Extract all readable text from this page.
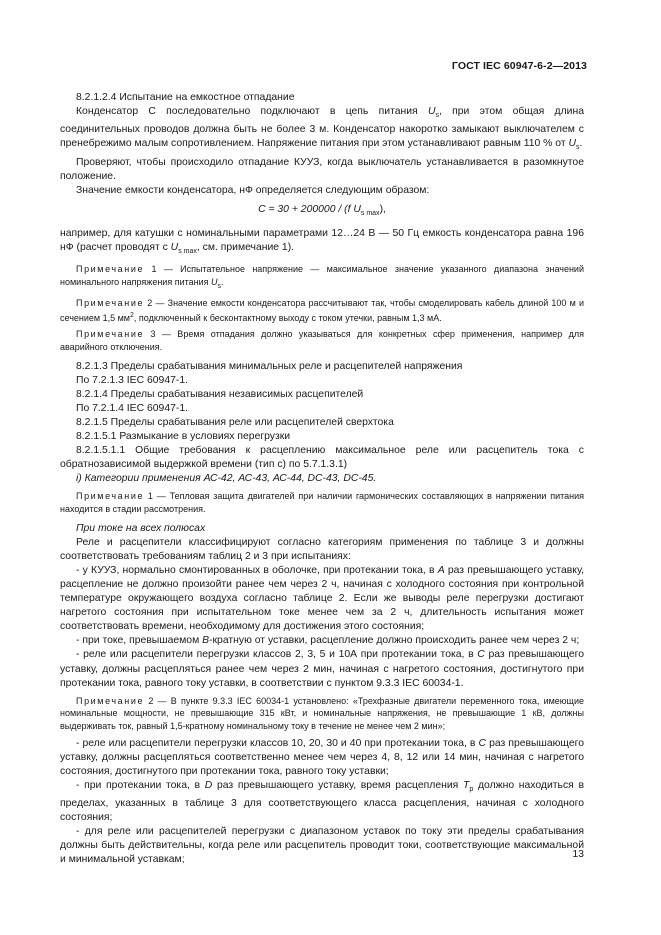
ГОСТ IEC 60947-6-2—2013

8.2.1.2.4 Испытание на емкостное отпадание

Конденсатор С последовательно подключают в цепь питания $U_s$, при этом общая длина соединительных проводов должна быть не более 3 м. Конденсатор накоротко замыкают выключателем с пренебрежимо малым сопротивлением. Напряжение питания при этом устанавливают равным 110 % от $U_s$.

Проверяют, чтобы происходило отпадание КУУЗ, когда выключатель устанавливается в разомкнутое положение.

Значение емкости конденсатора, нФ определяется следующим образом:

C = 30 + 200000 / (f $U_{s max}$),

например, для катушки с номинальными параметрами 12…24 В — 50 Гц емкость конденсатора равна 196 нФ (расчет проводят с $U_{s max}$, см. примечание 1).

Примечание 1 — Испытательное напряжение — максимальное значение указанного диапазона значений номинального напряжения питания $U_s$.

Примечание 2 — Значение емкости конденсатора рассчитывают так, чтобы смоделировать кабель длиной 100 м и сечением 1,5 $мм^2$, подключенный к бесконтактному выходу с током утечки, равным 1,3 мА.

Примечание 3 — Время отпадания должно указываться для конкретных сфер применения, например для аварийного отключения.

8.2.1.3 Пределы срабатывания минимальных реле и расцепителей напряжения

По 7.2.1.3 IEC 60947-1.

8.2.1.4 Пределы срабатывания независимых расцепителей

По 7.2.1.4 IEC 60947-1.

8.2.1.5 Пределы срабатывания реле или расцепителей сверхтока

8.2.1.5.1 Размыкание в условиях перегрузки

8.2.1.5.1.1 Общие требования к расцеплению максимальное реле или расцепитель тока с обратнозависимой выдержкой времени (тип с) по 5.7.1.3.1)

i) Категории применения АС-42, АС-43, АС-44, DC-43, DC-45.

Примечание 1 — Тепловая защита двигателей при наличии гармонических составляющих в напряжении питания находится в стадии рассмотрения.

При токе на всех полюсах

Реле и расцепители классифицируют согласно категориям применения по таблице 3 и должны соответствовать требованиям таблиц 2 и 3 при испытаниях:

- у КУУЗ, нормально смонтированных в оболочке, при протекании тока, в А раз превышающего уставку, расцепление не должно произойти ранее чем через 2 ч, начиная с холодного состояния при контрольной температуре окружающего воздуха согласно таблице 2. Если же выводы реле перегрузки достигают нагретого состояния при испытательном токе менее чем за 2 ч, длительность испытания может соответствовать времени, необходимому для достижения этого состояния;

- при токе, превышаемом В-кратную от уставки, расцепление должно происходить ранее чем через 2 ч;

- реле или расцепители перегрузки классов 2, 3, 5 и 10А при протекании тока, в С раз превышающего уставку, должны расцепляться ранее чем через 2 мин, начиная с нагретого состояния, достигнутого при протекании тока, равного току уставки, в соответствии с пунктом 9.3.3 IEC 60034-1.

Примечание 2 — В пункте 9.3.3 IEC 60034-1 установлено: «Трехфазные двигатели переменного тока, имеющие номинальные мощности, не превышающие 315 кВт, и номинальные напряжения, не превышающие 1 кВ, должны выдерживать ток, равный 1,5-кратному номинальному току в течение не менее чем 2 мин»;

- реле или расцепители перегрузки классов 10, 20, 30 и 40 при протекании тока, в С раз превышающего уставку, должны расцепляться соответственно менее чем через 4, 8, 12 или 14 мин, начиная с нагретого состояния, достигнутого при протекании тока, равного току уставки;

- при протекании тока, в D раз превышающего уставку, время расцепления $T_p$ должно находиться в пределах, указанных в таблице 3 для соответствующего класса расцепления, начиная с холодного состояния;

- для реле или расцепителей перегрузки с диапазоном уставок по току эти пределы срабатывания должны быть действительны, когда реле или расцепитель проводит токи, соответствующие максимальной и минимальной уставкам;	13
